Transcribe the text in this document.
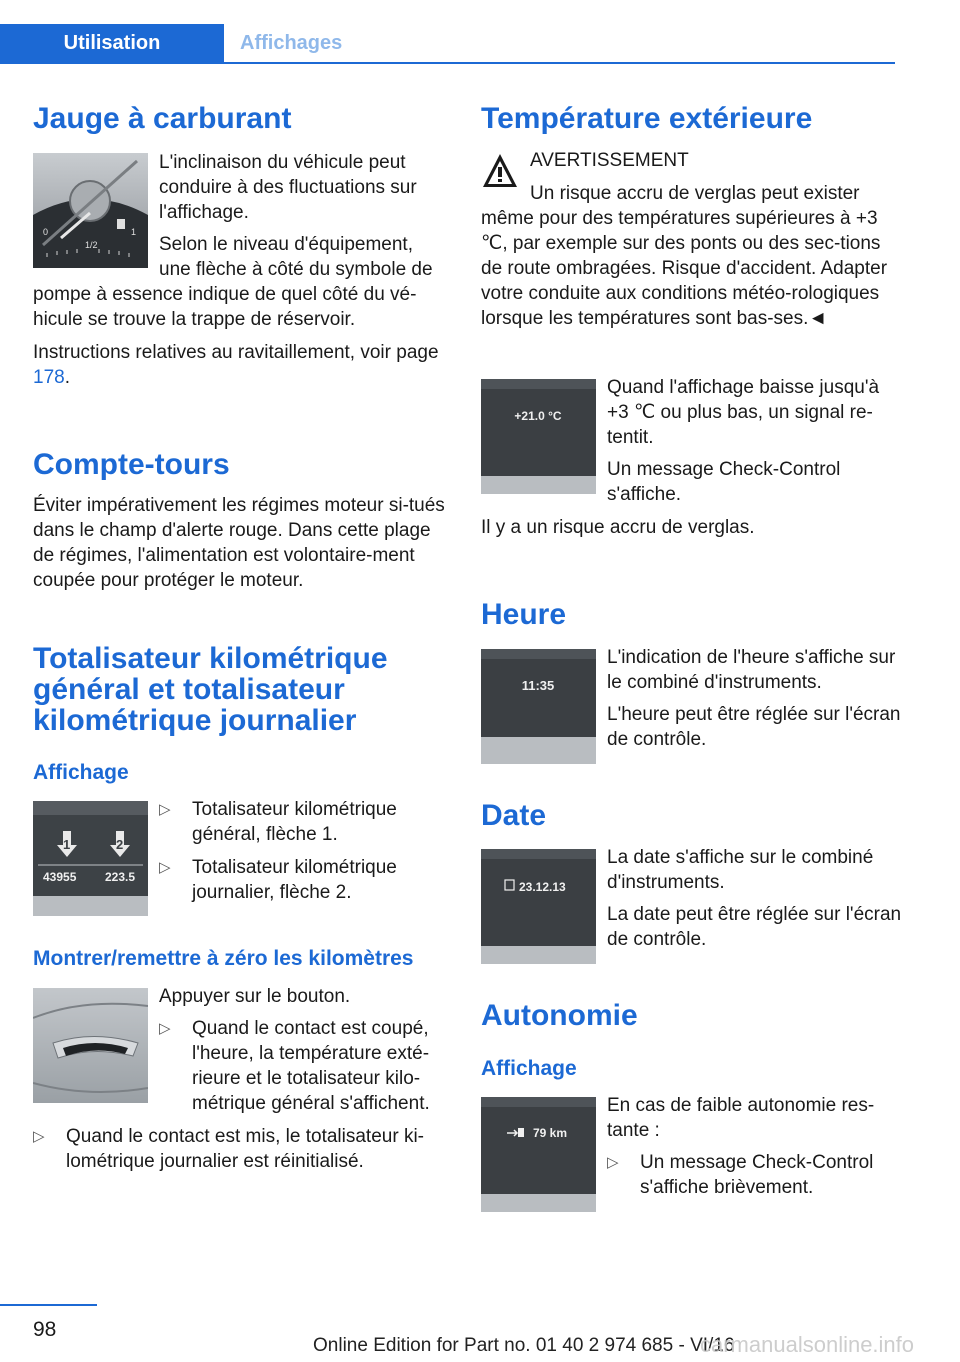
Utilisation	Affichages
Jauge à carburant
0
1/2
1

L'inclinaison du véhicule peut conduire à des fluctuations sur l'affichage.

Selon le niveau d'équipement, une flèche à côté du symbole de

pompe à essence indique de quel côté du vé‐hicule se trouve la trappe de réservoir.

Instructions relatives au ravitaillement, voir page 178.

Compte-tours

Éviter impérativement les régimes moteur si‐tués dans le champ d'alerte rouge. Dans cette plage de régimes, l'alimentation est volontaire‐ment coupée pour protéger le moteur.

Totalisateur kilométrique général et totalisateur kilométrique journalier
Affichage
1	2
43955 223.5
▷	Totalisateur kilométrique général, flèche 1.
▷	Totalisateur kilométrique journalier, flèche 2.
Montrer/remettre à zéro les kilomètres

Appuyer sur le bouton.

▷	Quand le contact est coupé, l'heure, la température exté‐rieure et le totalisateur kilo‐métrique général s'affichent.
▷	Quand le contact est mis, le totalisateur ki‐lométrique journalier est réinitialisé.
Température extérieure

AVERTISSEMENT

Un risque accru de verglas peut exister

même pour des températures supérieures à +3 ℃, par exemple sur des ponts ou des sec‐tions de route ombragées. Risque d'accident. Adapter votre conduite aux conditions météo‐rologiques lorsque les températures sont bas‐ses.◄

+21.0 °C

Quand l'affichage baisse jusqu'à +3 ℃ ou plus bas, un signal re‐tentit.

Un message Check-Control s'affiche.

Il y a un risque accru de verglas.

Heure
11:35

L'indication de l'heure s'affiche sur le combiné d'instruments.

L'heure peut être réglée sur l'écran de contrôle.

Date
23.12.13

La date s'affiche sur le combiné d'instruments.

La date peut être réglée sur l'écran de contrôle.

Autonomie
Affichage
79 km

En cas de faible autonomie res‐tante :

▷	Un message Check-Control s'affiche brièvement.
98
Online Edition for Part no. 01 40 2 974 685 - VI/16
carmanualsonline.info
